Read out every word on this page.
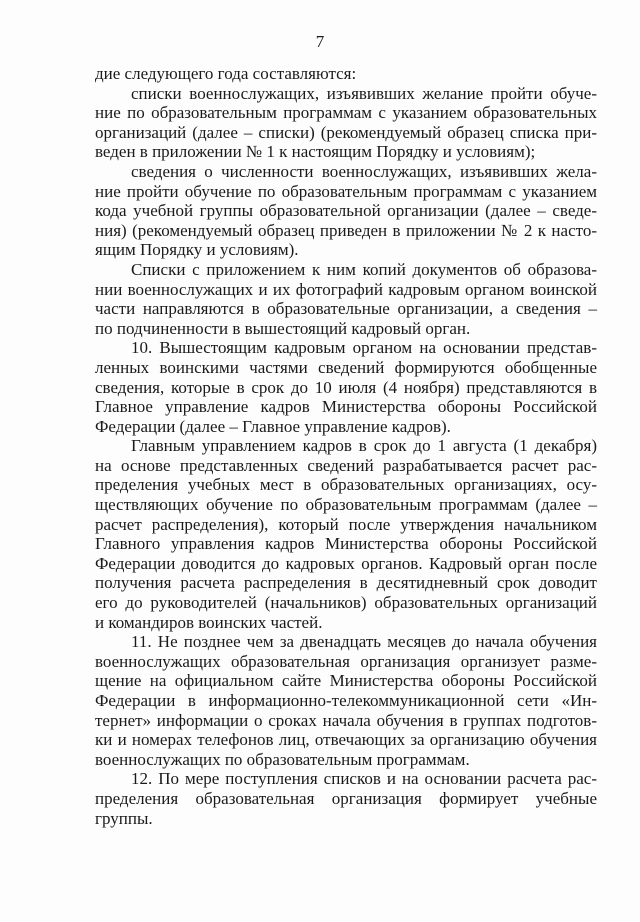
7
дие следующего года составляются:
списки военнослужащих, изъявивших желание пройти обуче-
ние по образовательным программам с указанием образовательных
организаций (далее – списки) (рекомендуемый образец списка при-
веден в приложении № 1 к настоящим Порядку и условиям);
сведения о численности военнослужащих, изъявивших жела-
ние пройти обучение по образовательным программам с указанием
кода учебной группы образовательной организации (далее – сведе-
ния) (рекомендуемый образец приведен в приложении № 2 к насто-
ящим Порядку и условиям).
Списки с приложением к ним копий документов об образова-
нии военнослужащих и их фотографий кадровым органом воинской
части направляются в образовательные организации, а сведения –
по подчиненности в вышестоящий кадровый орган.
10. Вышестоящим кадровым органом на основании представ-
ленных воинскими частями сведений формируются обобщенные
сведения, которые в срок до 10 июля (4 ноября) представляются в
Главное управление кадров Министерства обороны Российской
Федерации (далее – Главное управление кадров).
Главным управлением кадров в срок до 1 августа (1 декабря)
на основе представленных сведений разрабатывается расчет рас-
пределения учебных мест в образовательных организациях, осу-
ществляющих обучение по образовательным программам (далее –
расчет распределения), который после утверждения начальником
Главного управления кадров Министерства обороны Российской
Федерации доводится до кадровых органов. Кадровый орган после
получения расчета распределения в десятидневный срок доводит
его до руководителей (начальников) образовательных организаций
и командиров воинских частей.
11. Не позднее чем за двенадцать месяцев до начала обучения
военнослужащих образовательная организация организует разме-
щение на официальном сайте Министерства обороны Российской
Федерации в информационно-телекоммуникационной сети «Ин-
тернет» информации о сроках начала обучения в группах подготов-
ки и номерах телефонов лиц, отвечающих за организацию обучения
военнослужащих по образовательным программам.
12. По мере поступления списков и на основании расчета рас-
пределения образовательная организация формирует учебные
группы.
